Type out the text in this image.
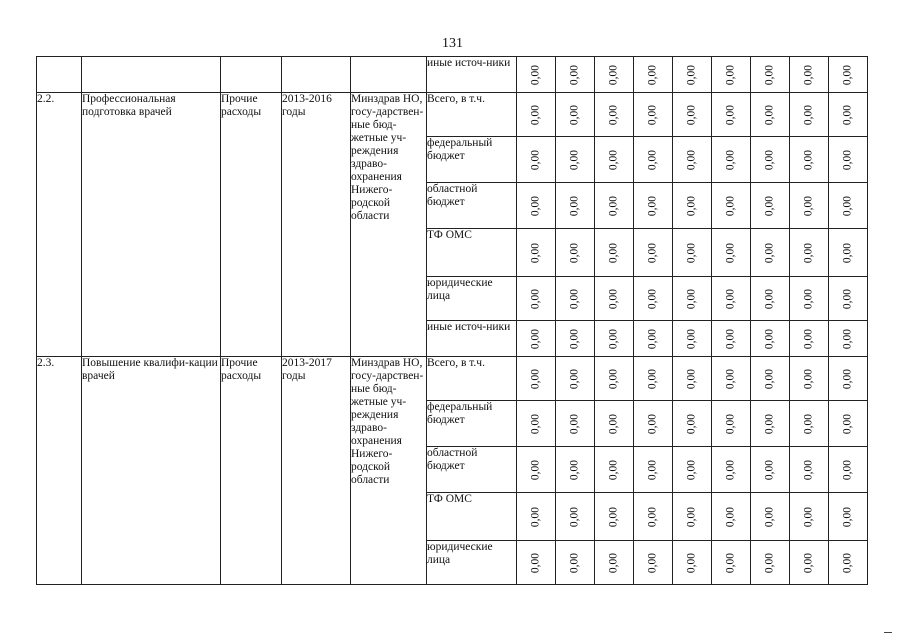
131
					иные источ-ники	0,00	0,00	0,00	0,00	0,00	0,00	0,00	0,00	0,00

2.2.	Профессиональная подготовка врачей	Прочие расходы	2013-2016 годы	Минздрав НО, госу-дарствен-ные бюд-жетные уч-реждения здраво-охранения Нижего-родской области	Всего, в т.ч.	0,00	0,00	0,00	0,00	0,00	0,00	0,00	0,00	0,00

					федеральный бюджет	0,00	0,00	0,00	0,00	0,00	0,00	0,00	0,00	0,00

					областной бюджет	0,00	0,00	0,00	0,00	0,00	0,00	0,00	0,00	0,00

					ТФ ОМС	0,00	0,00	0,00	0,00	0,00	0,00	0,00	0,00	0,00

					юридические лица	0,00	0,00	0,00	0,00	0,00	0,00	0,00	0,00	0,00

					иные источ-ники	0,00	0,00	0,00	0,00	0,00	0,00	0,00	0,00	0,00

2.3.	Повышение квалифи-кации врачей	Прочие расходы	2013-2017 годы	Минздрав НО, госу-дарствен-ные бюд-жетные уч-реждения здраво-охранения Нижего-родской области	Всего, в т.ч.	0,00	0,00	0,00	0,00	0,00	0,00	0,00	0,00	0,00

					федеральный бюджет	0,00	0,00	0,00	0,00	0,00	0,00	0,00	0,00	0,00

					областной бюджет	0,00	0,00	0,00	0,00	0,00	0,00	0,00	0,00	0,00

					ТФ ОМС	0,00	0,00	0,00	0,00	0,00	0,00	0,00	0,00	0,00

					юридические лица	0,00	0,00	0,00	0,00	0,00	0,00	0,00	0,00	0,00
